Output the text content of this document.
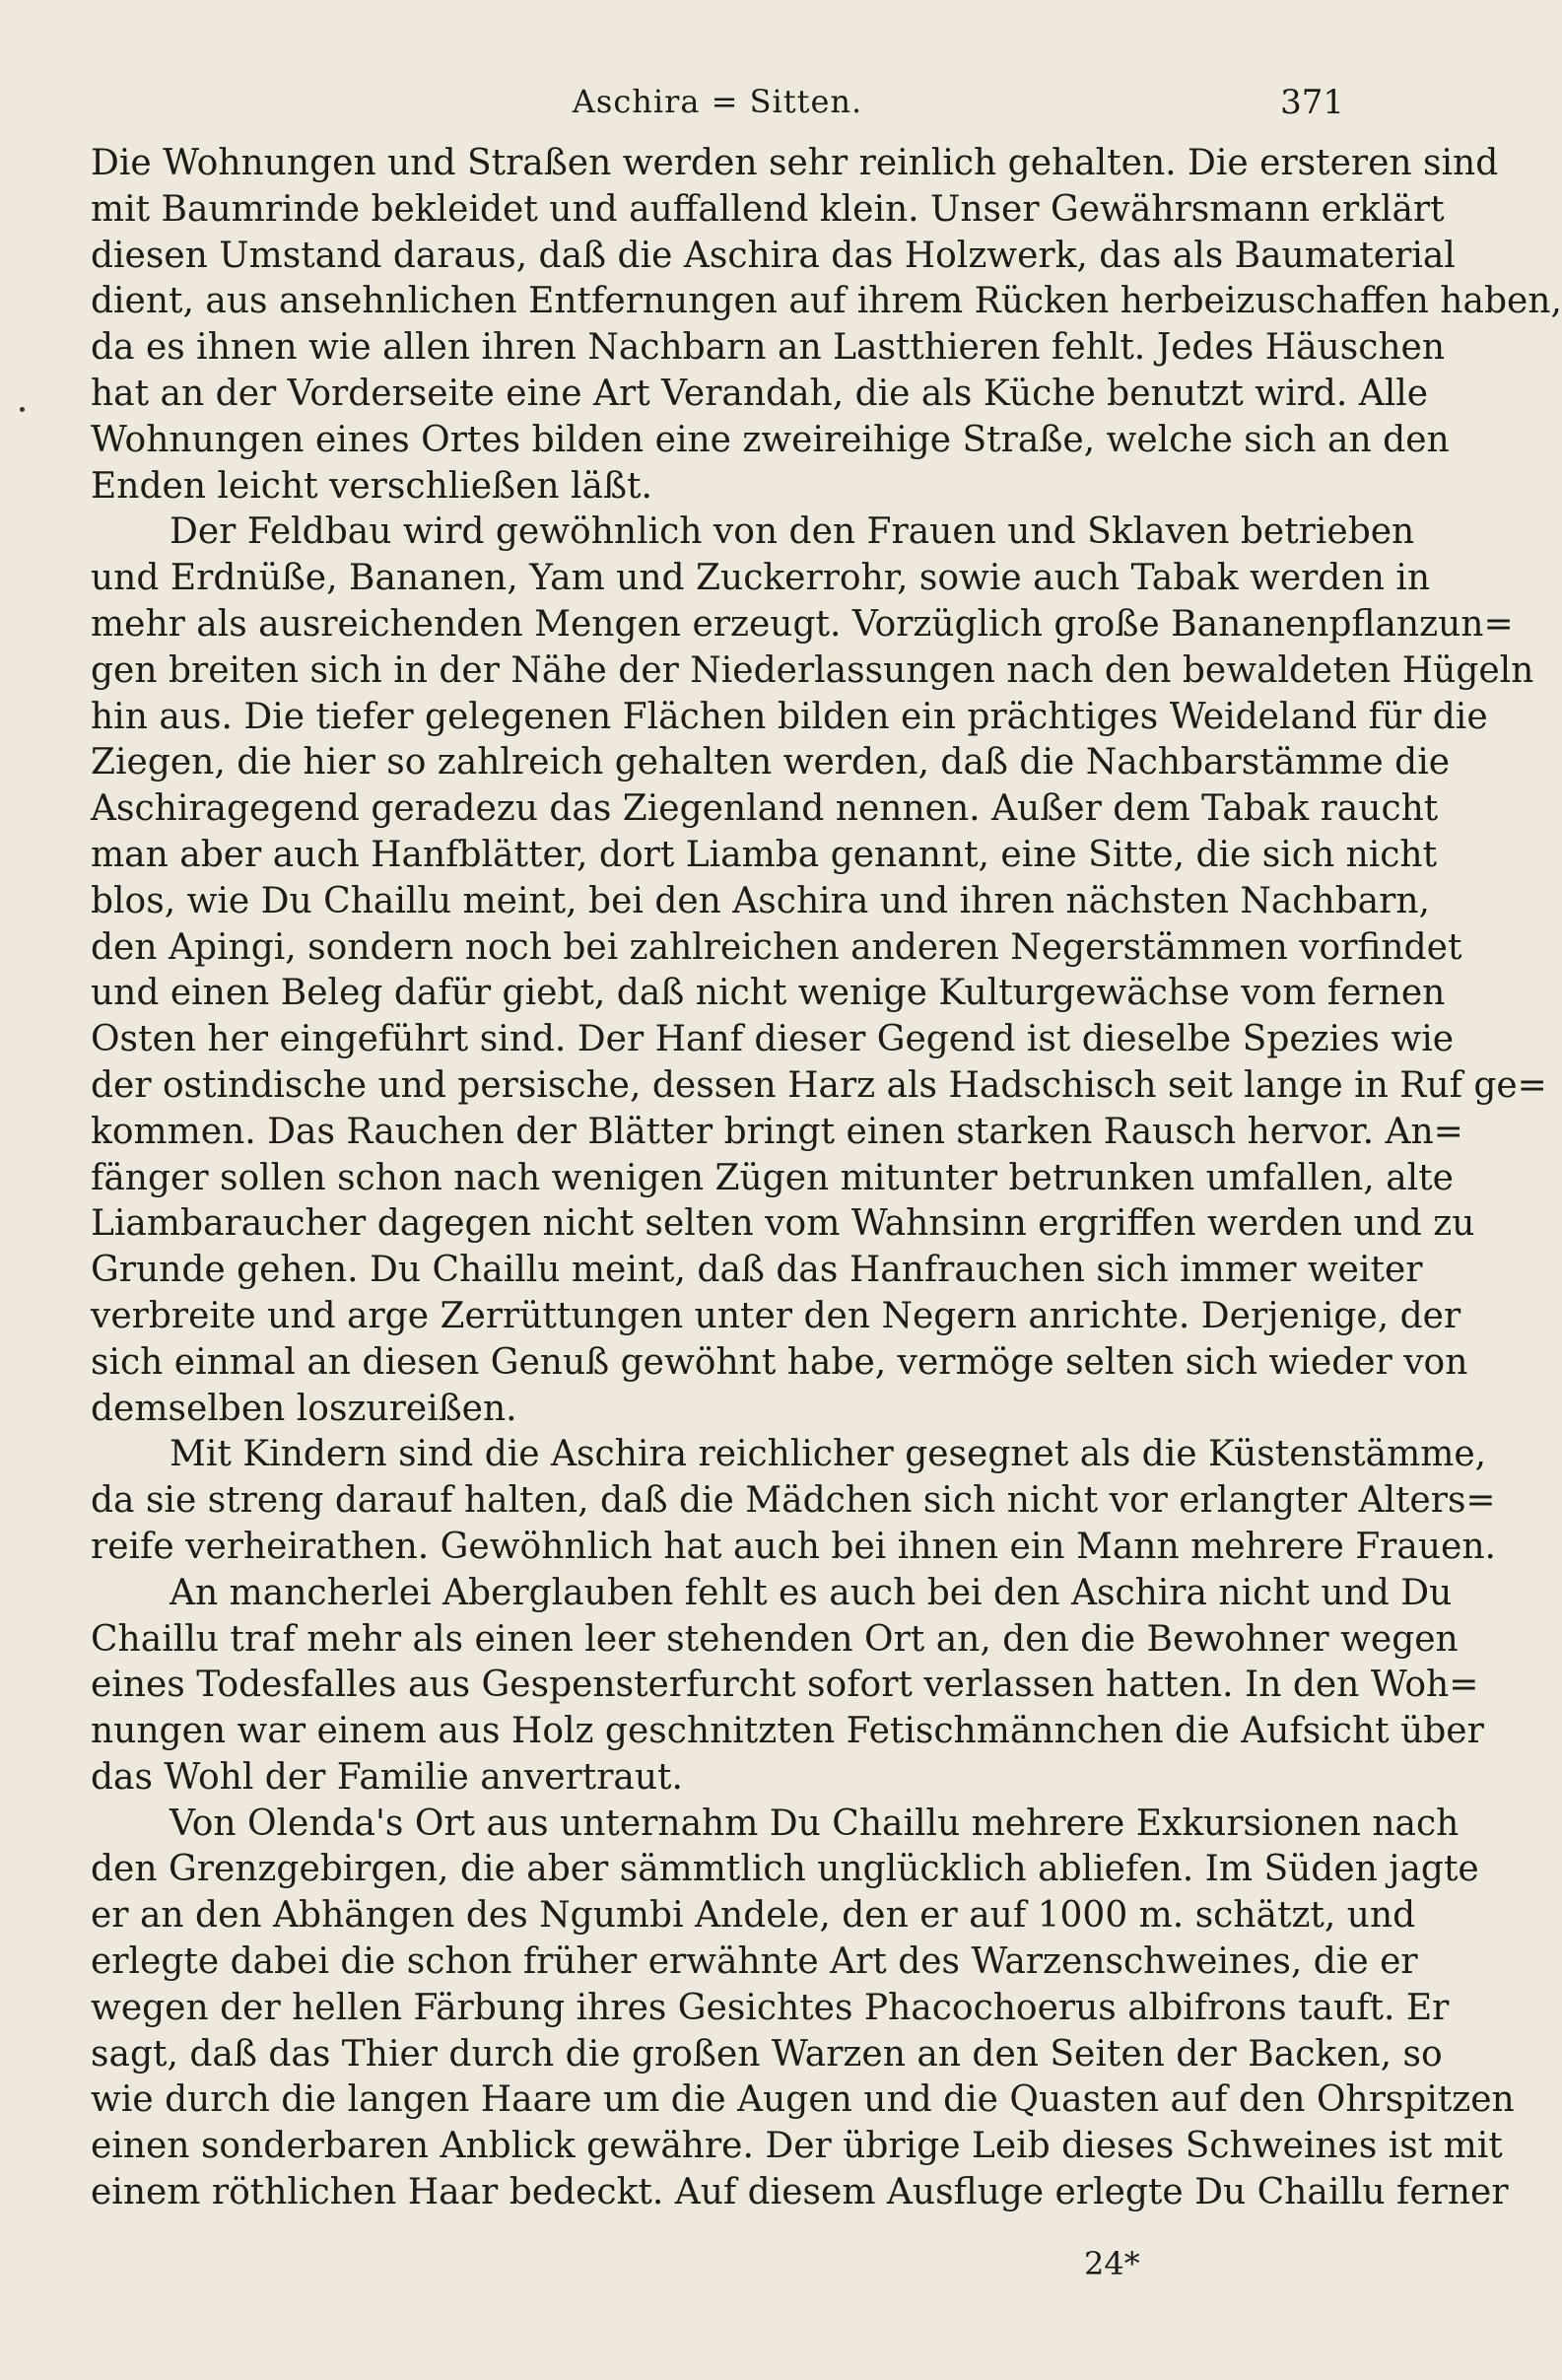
Aschira = Sitten.	371
Die Wohnungen und Straßen werden sehr reinlich gehalten. Die ersteren sind
mit Baumrinde bekleidet und auffallend klein. Unser Gewährsmann erklärt
diesen Umstand daraus, daß die Aschira das Holzwerk, das als Baumaterial
dient, aus ansehnlichen Entfernungen auf ihrem Rücken herbeizuschaffen haben,
da es ihnen wie allen ihren Nachbarn an Lastthieren fehlt. Jedes Häuschen
hat an der Vorderseite eine Art Verandah, die als Küche benutzt wird. Alle
Wohnungen eines Ortes bilden eine zweireihige Straße, welche sich an den
Enden leicht verschließen läßt.
Der Feldbau wird gewöhnlich von den Frauen und Sklaven betrieben
und Erdnüße, Bananen, Yam und Zuckerrohr, sowie auch Tabak werden in
mehr als ausreichenden Mengen erzeugt. Vorzüglich große Bananenpflanzun=
gen breiten sich in der Nähe der Niederlassungen nach den bewaldeten Hügeln
hin aus. Die tiefer gelegenen Flächen bilden ein prächtiges Weideland für die
Ziegen, die hier so zahlreich gehalten werden, daß die Nachbarstämme die
Aschiragegend geradezu das Ziegenland nennen. Außer dem Tabak raucht
man aber auch Hanfblätter, dort Liamba genannt, eine Sitte, die sich nicht
blos, wie Du Chaillu meint, bei den Aschira und ihren nächsten Nachbarn,
den Apingi, sondern noch bei zahlreichen anderen Negerstämmen vorfindet
und einen Beleg dafür giebt, daß nicht wenige Kulturgewächse vom fernen
Osten her eingeführt sind. Der Hanf dieser Gegend ist dieselbe Spezies wie
der ostindische und persische, dessen Harz als Hadschisch seit lange in Ruf ge=
kommen. Das Rauchen der Blätter bringt einen starken Rausch hervor. An=
fänger sollen schon nach wenigen Zügen mitunter betrunken umfallen, alte
Liambaraucher dagegen nicht selten vom Wahnsinn ergriffen werden und zu
Grunde gehen. Du Chaillu meint, daß das Hanfrauchen sich immer weiter
verbreite und arge Zerrüttungen unter den Negern anrichte. Derjenige, der
sich einmal an diesen Genuß gewöhnt habe, vermöge selten sich wieder von
demselben loszureißen.
Mit Kindern sind die Aschira reichlicher gesegnet als die Küstenstämme,
da sie streng darauf halten, daß die Mädchen sich nicht vor erlangter Alters=
reife verheirathen. Gewöhnlich hat auch bei ihnen ein Mann mehrere Frauen.
An mancherlei Aberglauben fehlt es auch bei den Aschira nicht und Du
Chaillu traf mehr als einen leer stehenden Ort an, den die Bewohner wegen
eines Todesfalles aus Gespensterfurcht sofort verlassen hatten. In den Woh=
nungen war einem aus Holz geschnitzten Fetischmännchen die Aufsicht über
das Wohl der Familie anvertraut.
Von Olenda's Ort aus unternahm Du Chaillu mehrere Exkursionen nach
den Grenzgebirgen, die aber sämmtlich unglücklich abliefen. Im Süden jagte
er an den Abhängen des Ngumbi Andele, den er auf 1000 m. schätzt, und
erlegte dabei die schon früher erwähnte Art des Warzenschweines, die er
wegen der hellen Färbung ihres Gesichtes Phacochoerus albifrons tauft. Er
sagt, daß das Thier durch die großen Warzen an den Seiten der Backen, so
wie durch die langen Haare um die Augen und die Quasten auf den Ohrspitzen
einen sonderbaren Anblick gewähre. Der übrige Leib dieses Schweines ist mit
einem röthlichen Haar bedeckt. Auf diesem Ausfluge erlegte Du Chaillu ferner
24*
